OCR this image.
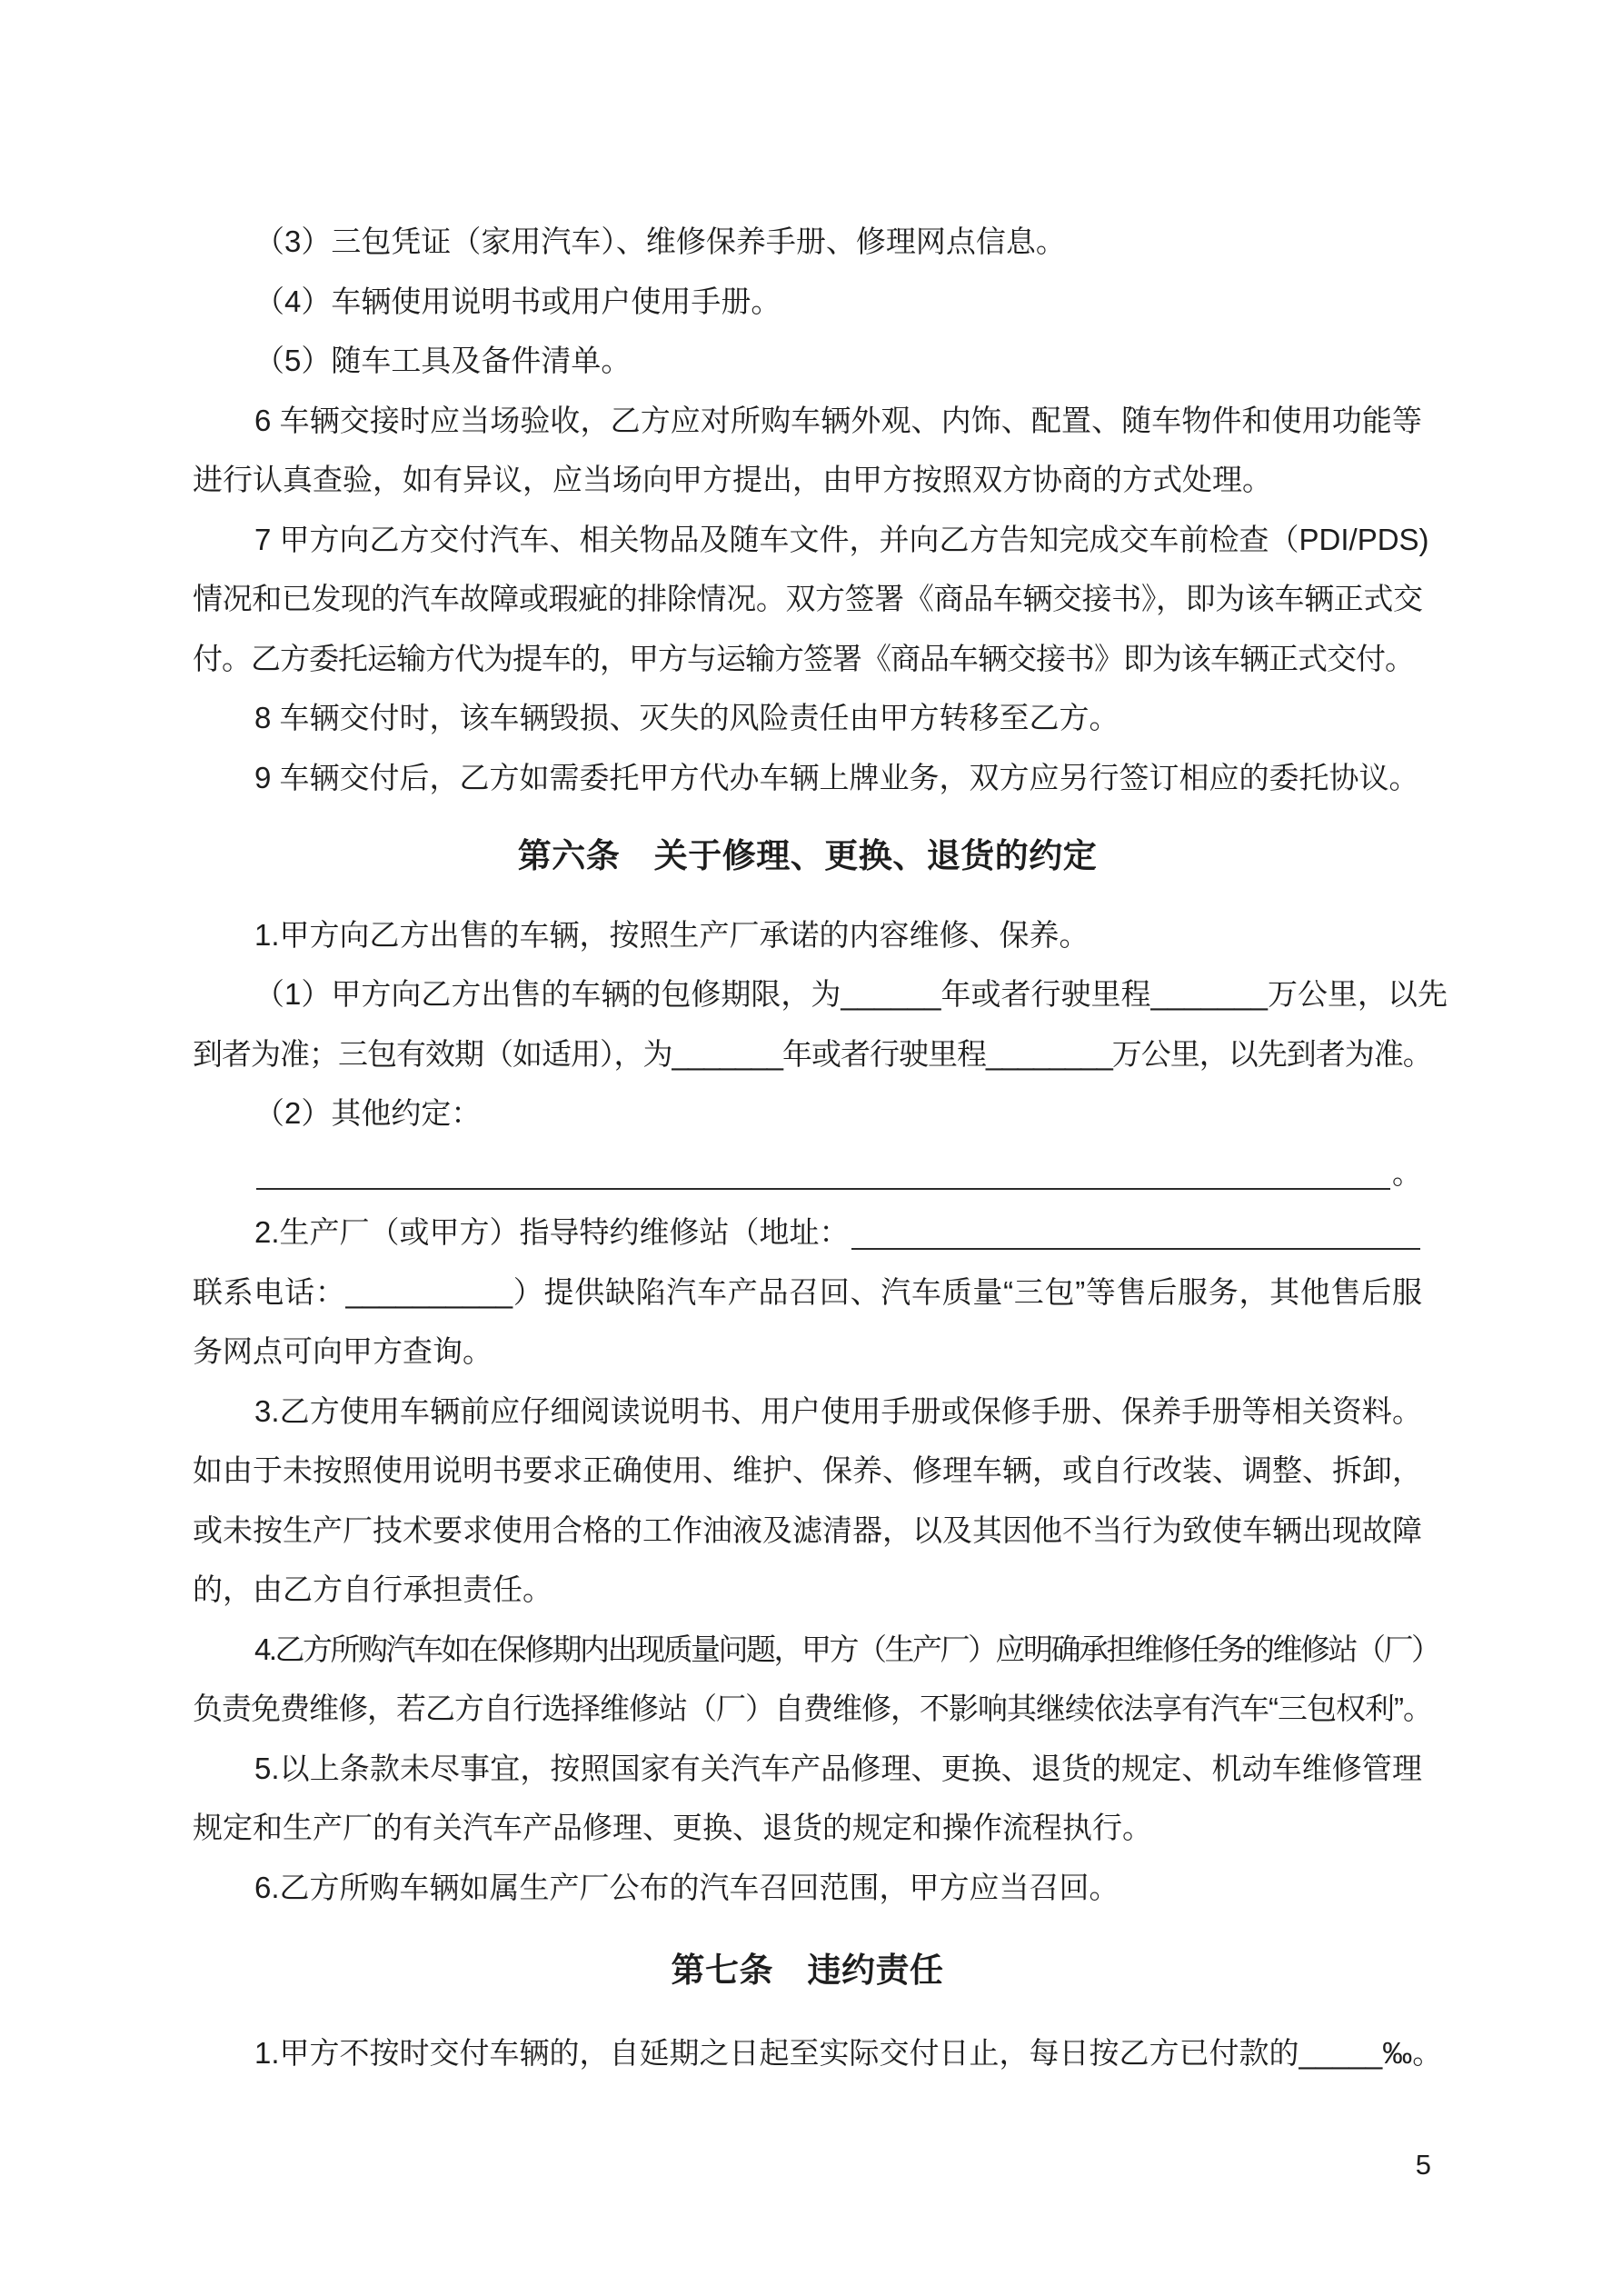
（3）三包凭证（家用汽车）、维修保养手册、修理网点信息。
（4）车辆使用说明书或用户使用手册。
（5）随车工具及备件清单。
6 车辆交接时应当场验收，乙方应对所购车辆外观、内饰、配置、随车物件和使用功能等
进行认真查验，如有异议，应当场向甲方提出，由甲方按照双方协商的方式处理。
7 甲方向乙方交付汽车、相关物品及随车文件，并向乙方告知完成交车前检查（PDI/PDS)
情况和已发现的汽车故障或瑕疵的排除情况。双方签署《商品车辆交接书》，即为该车辆正式交
付。乙方委托运输方代为提车的，甲方与运输方签署《商品车辆交接书》即为该车辆正式交付。
8 车辆交付时，该车辆毁损、灭失的风险责任由甲方转移至乙方。
9 车辆交付后，乙方如需委托甲方代办车辆上牌业务，双方应另行签订相应的委托协议。
第六条　关于修理、更换、退货的约定
1.甲方向乙方出售的车辆，按照生产厂承诺的内容维修、保养。
（1）甲方向乙方出售的车辆的包修期限，为______年或者行驶里程_______万公里，以先
到者为准；三包有效期（如适用），为_______年或者行驶里程________万公里，以先到者为准。
（2）其他约定：
。
2.生产厂（或甲方）指导特约维修站（地址：
联系电话：__________）提供缺陷汽车产品召回、汽车质量“三包”等售后服务，其他售后服
务网点可向甲方查询。
3.乙方使用车辆前应仔细阅读说明书、用户使用手册或保修手册、保养手册等相关资料。
如由于未按照使用说明书要求正确使用、维护、保养、修理车辆，或自行改装、调整、拆卸，
或未按生产厂技术要求使用合格的工作油液及滤清器，以及其因他不当行为致使车辆出现故障
的，由乙方自行承担责任。
4.乙方所购汽车如在保修期内出现质量问题，甲方（生产厂）应明确承担维修任务的维修站（厂）
负责免费维修，若乙方自行选择维修站（厂）自费维修，不影响其继续依法享有汽车“三包权利”。
5.以上条款未尽事宜，按照国家有关汽车产品修理、更换、退货的规定、机动车维修管理
规定和生产厂的有关汽车产品修理、更换、退货的规定和操作流程执行。
6.乙方所购车辆如属生产厂公布的汽车召回范围，甲方应当召回。
第七条　违约责任
1.甲方不按时交付车辆的，自延期之日起至实际交付日止，每日按乙方已付款的_____‰。
5
